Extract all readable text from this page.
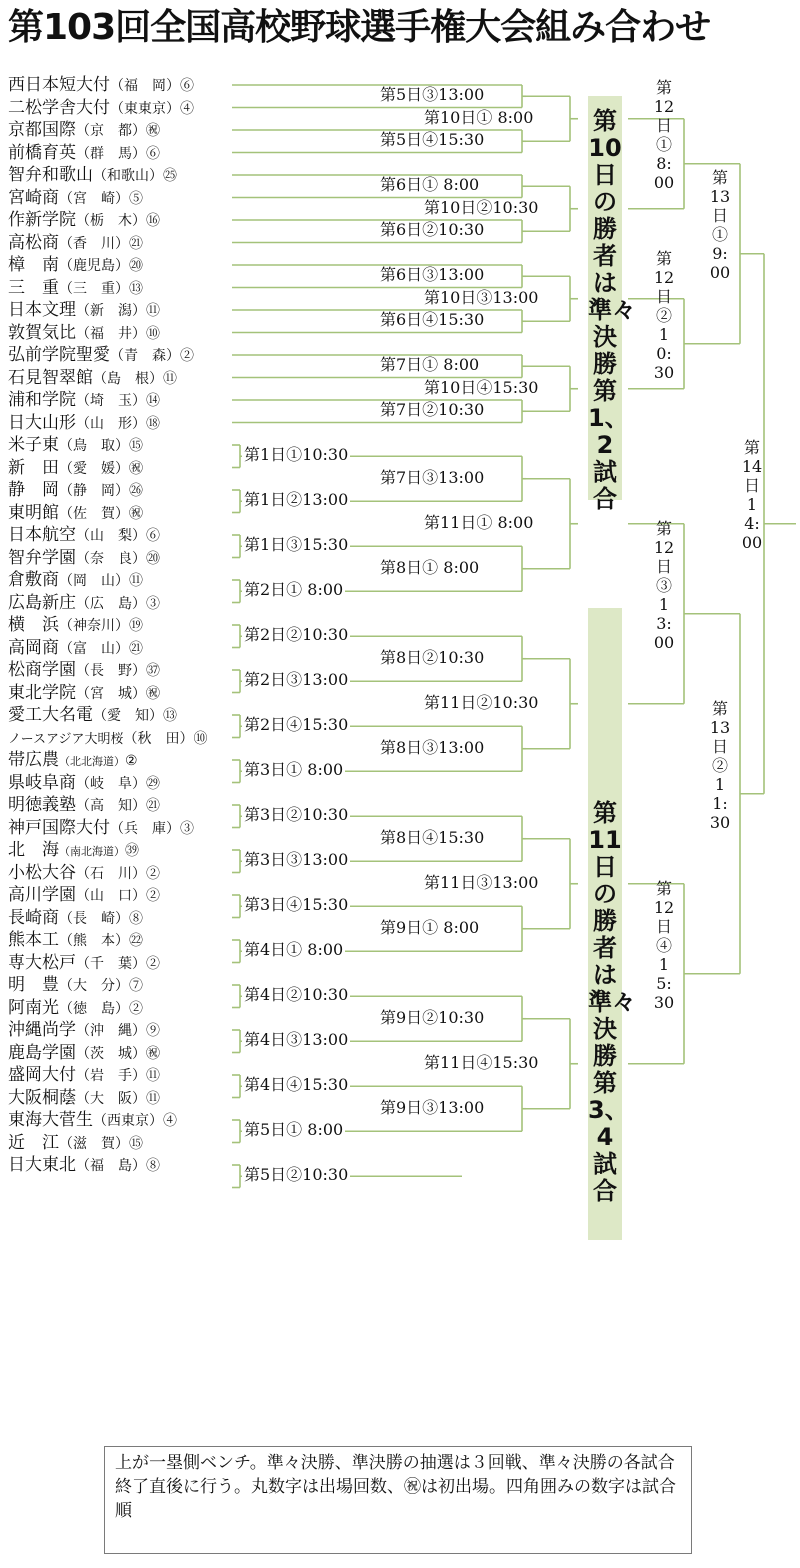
第103回全国高校野球選手権大会組み合わせ
西日本短大付（福　岡）⑥
二松学舎大付（東東京）④
京都国際（京　都）㊗
前橋育英（群　馬）⑥
智弁和歌山（和歌山）㉕
宮崎商（宮　崎）⑤
作新学院（栃　木）⑯
高松商（香　川）㉑
樟　南（鹿児島）⑳
三　重（三　重）⑬
日本文理（新　潟）⑪
敦賀気比（福　井）⑩
弘前学院聖愛（青　森）②
石見智翠館（島　根）⑪
浦和学院（埼　玉）⑭
日大山形（山　形）⑱
米子東（鳥　取）⑮
新　田（愛　媛）㊗
静　岡（静　岡）㉖
東明館（佐　賀）㊗
日本航空（山　梨）⑥
智弁学園（奈　良）⑳
倉敷商（岡　山）⑪
広島新庄（広　島）③
横　浜（神奈川）⑲
高岡商（富　山）㉑
松商学園（長　野）㊲
東北学院（宮　城）㊗
愛工大名電（愛　知）⑬
ノースアジア大明桜（秋　田）⑩
帯広農（北北海道）②
県岐阜商（岐　阜）㉙
明徳義塾（高　知）㉑
神戸国際大付（兵　庫）③
北　海（南北海道）㊴
小松大谷（石　川）②
高川学園（山　口）②
長崎商（長　崎）⑧
熊本工（熊　本）㉒
専大松戸（千　葉）②
明　豊（大　分）⑦
阿南光（徳　島）②
沖縄尚学（沖　縄）⑨
鹿島学園（茨　城）㊗
盛岡大付（岩　手）⑪
大阪桐蔭（大　阪）⑪
東海大菅生（西東京）④
近　江（滋　賀）⑮
日大東北（福　島）⑧
第1日①10:30
第1日②13:00
第1日③15:30
第2日① 8:00
第2日②10:30
第2日③13:00
第2日④15:30
第3日① 8:00
第3日②10:30
第3日③13:00
第3日④15:30
第4日① 8:00
第4日②10:30
第4日③13:00
第4日④15:30
第5日① 8:00
第5日②10:30
第5日③13:00
第5日④15:30
第6日① 8:00
第6日②10:30
第6日③13:00
第6日④15:30
第7日① 8:00
第7日②10:30
第7日③13:00
第8日① 8:00
第8日②10:30
第8日③13:00
第8日④15:30
第9日① 8:00
第9日②10:30
第9日③13:00
第10日① 8:00
第10日②10:30
第10日③13:00
第10日④15:30
第11日① 8:00
第11日②10:30
第11日③13:00
第11日④15:30
第10日の勝者は準々決勝第1、2試合
第11日の勝者は準々決勝第3、4試合
第12日①8:00
第12日②10:30
第12日③13:00
第12日④15:30
第13日①9:00
第13日②11:30
第14日14:00
上が一塁側ベンチ。準々決勝、準決勝の抽選は３回戦、準々決勝の各試合終了直後に行う。丸数字は出場回数、㊗は初出場。四角囲みの数字は試合順
